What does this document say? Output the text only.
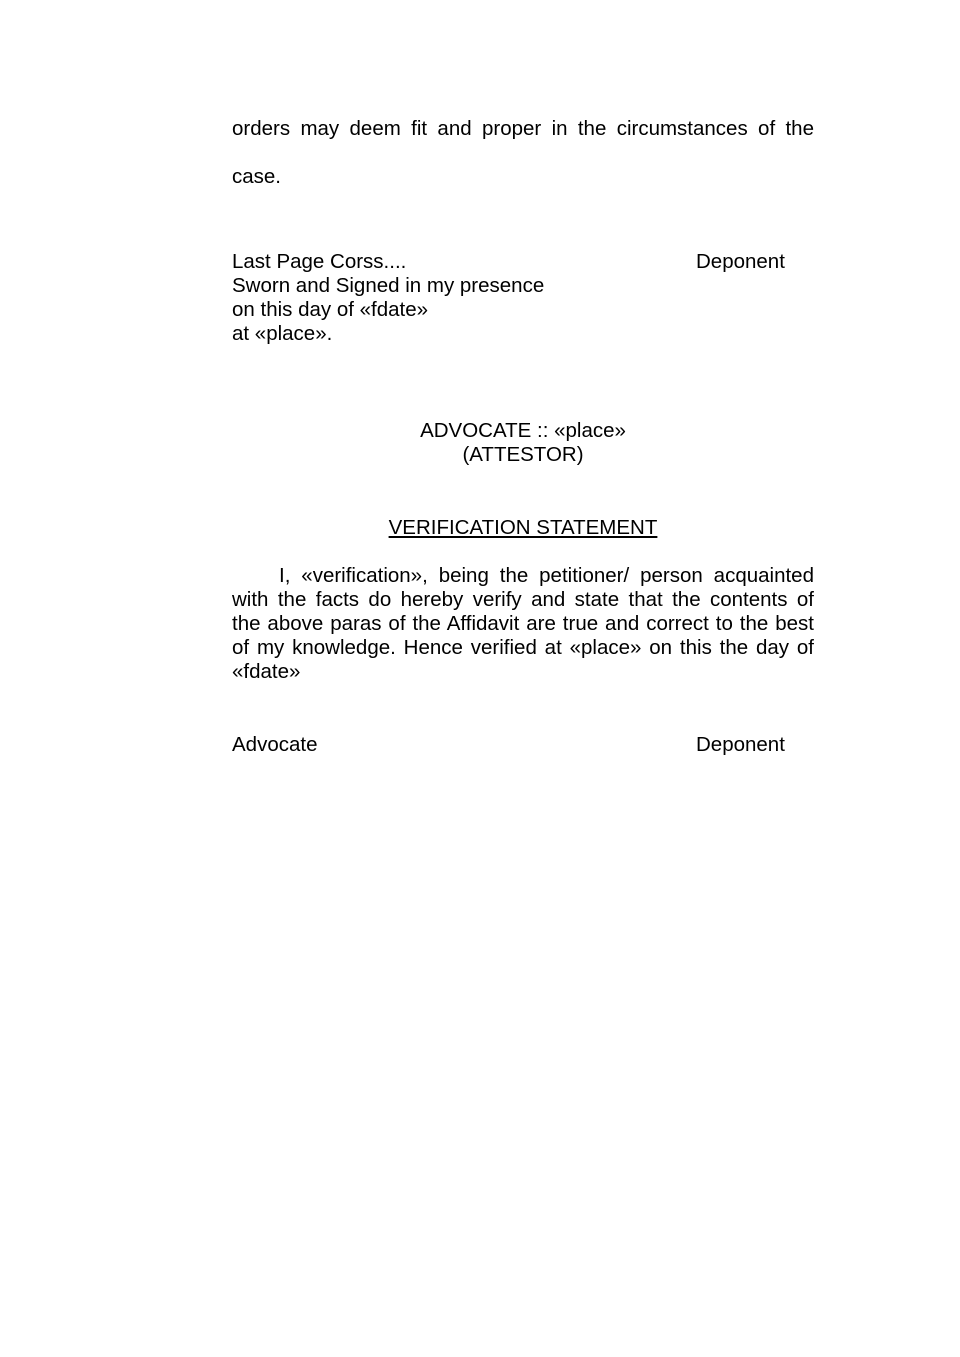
orders may deem fit and proper in the circumstances of the
case.
Last Page Corss....	Deponent
Sworn and Signed in my presence
on this day of «fdate»
at «place».
ADVOCATE :: «place»
(ATTESTOR)
VERIFICATION STATEMENT
I, «verification», being the petitioner/ person acquainted
with the facts do hereby verify and state that the contents of
the above paras of the Affidavit are true and correct to the best
of my knowledge. Hence verified at «place» on this the day of
«fdate»
Advocate	Deponent
